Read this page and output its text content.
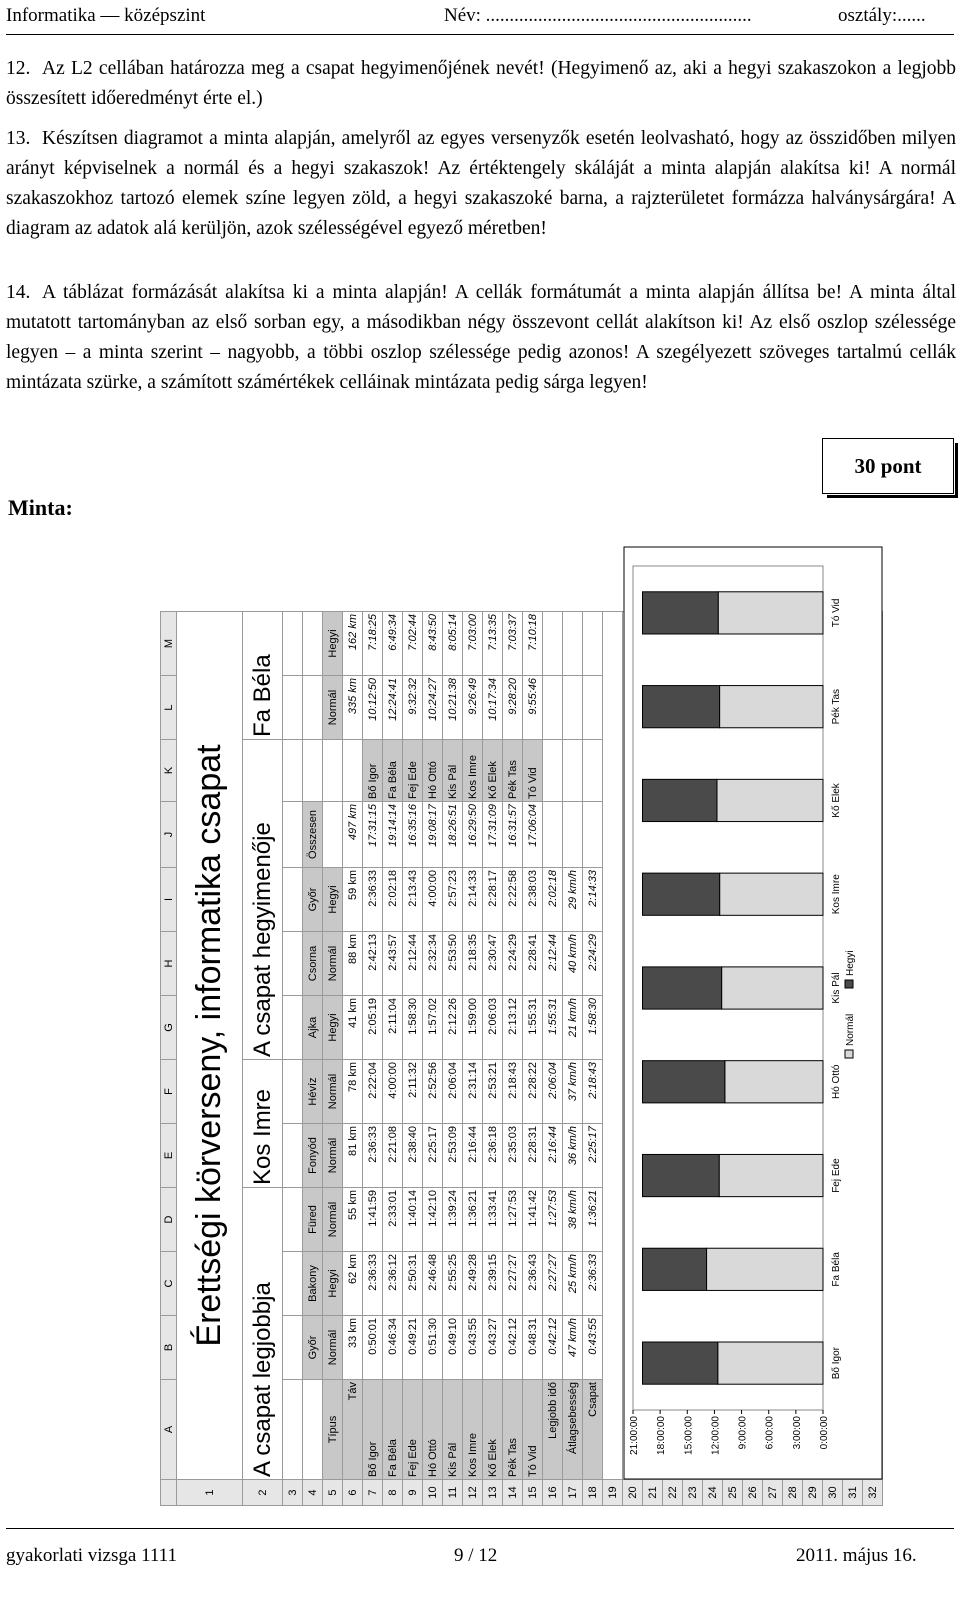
Informatika — középszint	Név: ........................................................	osztály:......
12. Az L2 cellában határozza meg a csapat hegyimenőjének nevét! (Hegyimenő az, aki a hegyi szakaszokon a legjobb összesített időeredményt érte el.)
13. Készítsen diagramot a minta alapján, amelyről az egyes versenyzők esetén leolvasható, hogy az összidőben milyen arányt képviselnek a normál és a hegyi szakaszok! Az értéktengely skáláját a minta alapján alakítsa ki! A normál szakaszokhoz tartozó elemek színe legyen zöld, a hegyi szakaszoké barna, a rajzterületet formázza halványsárgára! A diagram az adatok alá kerüljön, azok szélességével egyező méretben!
14. A táblázat formázását alakítsa ki a minta alapján! A cellák formátumát a minta alapján állítsa be! A minta által mutatott tartományban az első sorban egy, a másodikban négy összevont cellát alakítson ki! Az első oszlop szélessége legyen – a minta szerint – nagyobb, a többi oszlop szélessége pedig azonos! A szegélyezett szöveges tartalmú cellák mintázata szürke, a számított számértékek celláinak mintázata pedig sárga legyen!
30 pont
Minta:
	A	B	C	D	E	F	G	H	I	J	K	L	M
1	Érettségi körverseny, informatika csapat												
2	A csapat legjobbja				Kos Imre		A csapat hegyimenője					Fa Béla	
3													
4		Győr	Bakony	Füred	Fonyód	Hévíz	Ajka	Csorna	Győr	Összesen			
5	Típus	Normál	Hegyi	Normál	Normál	Normál	Hegyi	Normál	Hegyi			Normál	Hegyi
6	Táv	33 km	62 km	55 km	81 km	78 km	41 km	88 km	59 km	497 km		335 km	162 km
7	Bő Igor	0:50:01	2:36:33	1:41:59	2:36:33	2:22:04	2:05:19	2:42:13	2:36:33	17:31:15	Bő Igor	10:12:50	7:18:25
8	Fa Béla	0:46:34	2:36:12	2:33:01	2:21:08	4:00:00	2:11:04	2:43:57	2:02:18	19:14:14	Fa Béla	12:24:41	6:49:34
9	Fej Ede	0:49:21	2:50:31	1:40:14	2:38:40	2:11:32	1:58:30	2:12:44	2:13:43	16:35:16	Fej Ede	9:32:32	7:02:44
10	Hó Ottó	0:51:30	2:46:48	1:42:10	2:25:17	2:52:56	1:57:02	2:32:34	4:00:00	19:08:17	Hó Ottó	10:24:27	8:43:50
11	Kis Pál	0:49:10	2:55:25	1:39:24	2:53:09	2:06:04	2:12:26	2:53:50	2:57:23	18:26:51	Kis Pál	10:21:38	8:05:14
12	Kos Imre	0:43:55	2:49:28	1:36:21	2:16:44	2:31:14	1:59:00	2:18:35	2:14:33	16:29:50	Kos Imre	9:26:49	7:03:00
13	Kő Elek	0:43:27	2:39:15	1:33:41	2:36:18	2:53:21	2:06:03	2:30:47	2:28:17	17:31:09	Kő Elek	10:17:34	7:13:35
14	Pék Tas	0:42:12	2:27:27	1:27:53	2:35:03	2:18:43	2:13:12	2:24:29	2:22:58	16:31:57	Pék Tas	9:28:20	7:03:37
15	Tó Vid	0:48:31	2:36:43	1:41:42	2:28:31	2:28:22	1:55:31	2:28:41	2:38:03	17:06:04	Tó Vid	9:55:46	7:10:18
16	Legjobb idő	0:42:12	2:27:27	1:27:53	2:16:44	2:06:04	1:55:31	2:12:44	2:02:18				
17	Átlagsebesség	47 km/h	25 km/h	38 km/h	36 km/h	37 km/h	21 km/h	40 km/h	29 km/h				
18	Csapat	0:43:55	2:36:33	1:36:21	2:25:17	2:18:43	1:58:30	2:24:29	2:14:33				
19													
20													
21													
22													
23													
24													
25													
26													
27													
28													
29													
30													
31													
32													
0:00:00
3:00:00
6:00:00
9:00:00
12:00:00
15:00:00
18:00:00
21:00:00
Bő Igor
Fa Béla
Fej Ede
Hó Ottó
Kis Pál
Kos Imre
Kő Elek
Pék Tas
Tó Vid
Normál
Hegyi
gyakorlati vizsga 1111	9 / 12	2011. május 16.
